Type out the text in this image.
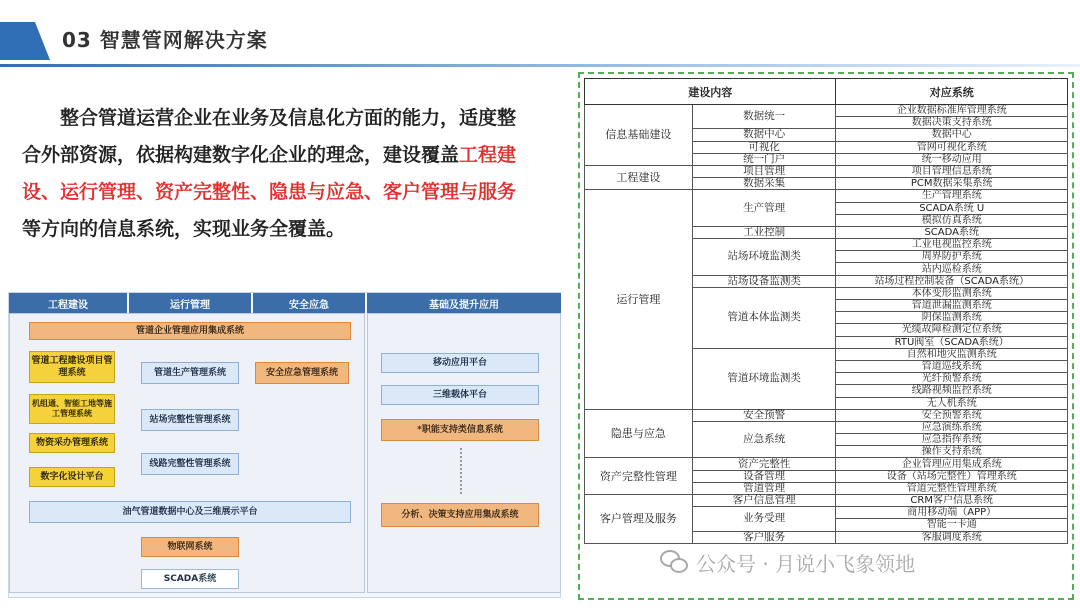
03 智慧管网解决方案
整合管道运营企业在业务及信息化方面的能力，适度整
合外部资源，依据构建数字化企业的理念，建设覆盖工程建
设、运行管理、资产完整性、隐患与应急、客户管理与服务
等方向的信息系统，实现业务全覆盖。
工程建设	运行管理	安全应急	基础及提升应用
管道企业管理应用集成系统
管道工程建设项目管理系统
机组通、智能工地等施工管理系统
物资采办管理系统
数字化设计平台
管道生产管理系统
站场完整性管理系统
线路完整性管理系统
安全应急管理系统
移动应用平台
三维载体平台
*职能支持类信息系统
油气管道数据中心及三维展示平台	分析、决策支持应用集成系统
物联网系统
SCADA系统
建设内容		对应系统
信息基础建设	数据统一	企业数据标准库管理系统
		数据决策支持系统
	数据中心	数据中心
	可视化	管网可视化系统
	统一门户	统一移动应用
工程建设	项目管理	项目管理信息系统
	数据采集	PCM数据采集系统
运行管理	生产管理	生产管理系统
		SCADA系统 U
		模拟仿真系统
	工业控制	SCADA系统
	站场环境监测类	工业电视监控系统
		周界防护系统
		站内巡检系统
	站场设备监测类	站场过程控制装备（SCADA系统）
	管道本体监测类	本体变形监测系统
		管道泄漏监测系统
		阴保监测系统
		光缆故障检测定位系统
		RTU阀室（SCADA系统）
	管道环境监测类	自然和地灾监测系统
		管道巡线系统
		光纤预警系统
		线路视频监控系统
		无人机系统
隐患与应急	安全预警	安全预警系统
	应急系统	应急演练系统
		应急指挥系统
		操作支持系统
资产完整性管理	资产完整性	企业管理应用集成系统
	设备管理	设备（站场完整性）管理系统
	管道管理	管道完整性管理系统
客户管理及服务	客户信息管理	CRM客户信息系统
	业务受理	商用移动端（APP）
		智能一卡通
	客户服务	客服调度系统
公众号 · 月说小飞象领地
